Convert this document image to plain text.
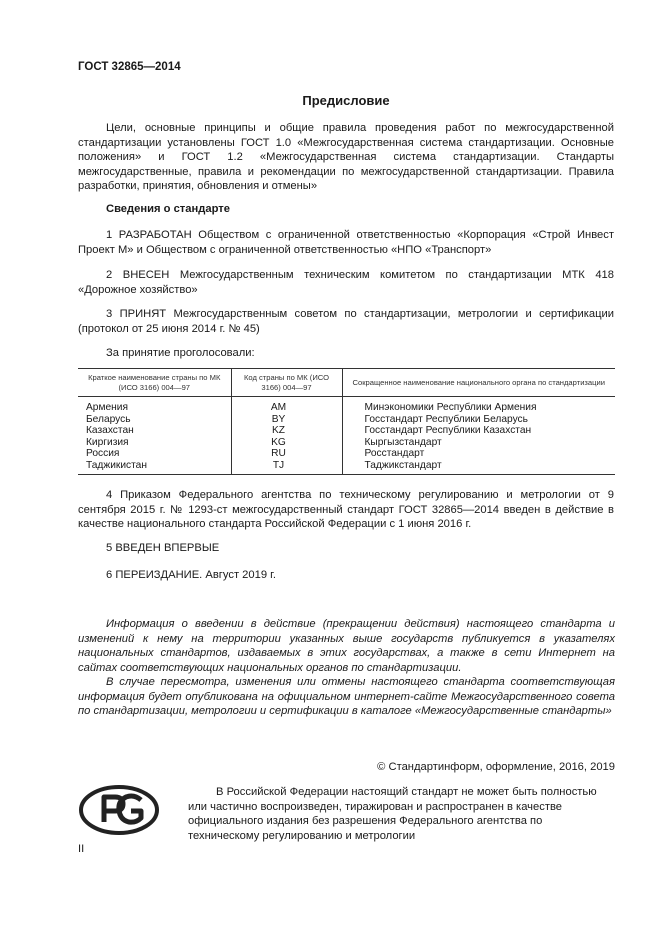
ГОСТ 32865—2014
Предисловие
Цели, основные принципы и общие правила проведения работ по межгосударственной стандартизации установлены ГОСТ 1.0 «Межгосударственная система стандартизации. Основные положения» и ГОСТ 1.2 «Межгосударственная система стандартизации. Стандарты межгосударственные, правила и рекомендации по межгосударственной стандартизации. Правила разработки, принятия, обновления и отмены»
Сведения о стандарте
1 РАЗРАБОТАН Обществом с ограниченной ответственностью «Корпорация «Строй Инвест Проект М» и Обществом с ограниченной ответственностью «НПО «Транспорт»
2 ВНЕСЕН Межгосударственным техническим комитетом по стандартизации МТК 418 «Дорожное хозяйство»
3 ПРИНЯТ Межгосударственным советом по стандартизации, метрологии и сертификации (протокол от 25 июня 2014 г. № 45)
За принятие проголосовали:
Краткое наименование страны по МК (ИСО 3166) 004—97	Код страны по МК (ИСО 3166) 004—97	Сокращенное наименование национального органа по стандартизации
Армения	AM	Минэкономики Республики Армения
Беларусь	BY	Госстандарт Республики Беларусь
Казахстан	KZ	Госстандарт Республики Казахстан
Киргизия	KG	Кыргызстандарт
Россия	RU	Росстандарт
Таджикистан	TJ	Таджикстандарт
4 Приказом Федерального агентства по техническому регулированию и метрологии от 9 сентября 2015 г. № 1293-ст межгосударственный стандарт ГОСТ 32865—2014 введен в действие в качестве национального стандарта Российской Федерации с 1 июня 2016 г.
5 ВВЕДЕН ВПЕРВЫЕ
6 ПЕРЕИЗДАНИЕ. Август 2019 г.
Информация о введении в действие (прекращении действия) настоящего стандарта и изменений к нему на территории указанных выше государств публикуется в указателях национальных стандартов, издаваемых в этих государствах, а также в сети Интернет на сайтах соответствующих национальных органов по стандартизации.
В случае пересмотра, изменения или отмены настоящего стандарта соответствующая информация будет опубликована на официальном интернет-сайте Межгосударственного совета по стандартизации, метрологии и сертификации в каталоге «Межгосударственные стандарты»
© Стандартинформ, оформление, 2016, 2019
В Российской Федерации настоящий стандарт не может быть полностью или частично воспроизведен, тиражирован и распространен в качестве официального издания без разрешения Федерального агентства по техническому регулированию и метрологии
II
